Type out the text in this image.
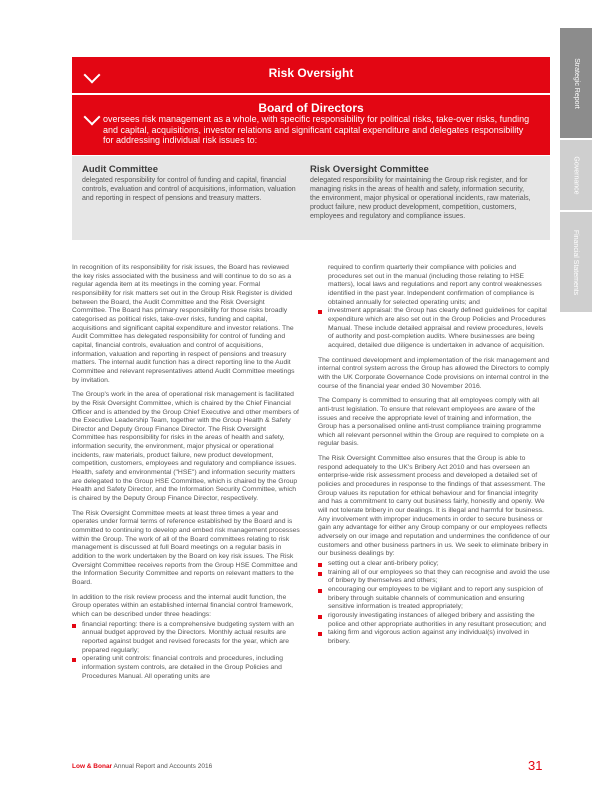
Strategic Report
Governance
Financial Statements
Risk Oversight
Board of Directors
oversees risk management as a whole, with specific responsibility for political risks, take-over risks, funding and capital, acquisitions, investor relations and significant capital expenditure and delegates responsibility for addressing individual risk issues to:
Audit Committee

delegated responsibility for control of funding and capital, financial controls, evaluation and control of acquisitions, information, valuation and reporting in respect of pensions and treasury matters.

Risk Oversight Committee

delegated responsibility for maintaining the Group risk register, and for managing risks in the areas of health and safety, information security, the environment, major physical or operational incidents, raw materials, product failure, new product development, competition, customers, employees and regulatory and compliance issues.

In recognition of its responsibility for risk issues, the Board has reviewed the key risks associated with the business and will continue to do so as a regular agenda item at its meetings in the coming year. Formal responsibility for risk matters set out in the Group Risk Register is divided between the Board, the Audit Committee and the Risk Oversight Committee. The Board has primary responsibility for those risks broadly categorised as political risks, take-over risks, funding and capital, acquisitions and significant capital expenditure and investor relations. The Audit Committee has delegated responsibility for control of funding and capital, financial controls, evaluation and control of acquisitions, information, valuation and reporting in respect of pensions and treasury matters. The internal audit function has a direct reporting line to the Audit Committee and relevant representatives attend Audit Committee meetings by invitation.

The Group's work in the area of operational risk management is facilitated by the Risk Oversight Committee, which is chaired by the Chief Financial Officer and is attended by the Group Chief Executive and other members of the Executive Leadership Team, together with the Group Health & Safety Director and Deputy Group Finance Director. The Risk Oversight Committee has responsibility for risks in the areas of health and safety, information security, the environment, major physical or operational incidents, raw materials, product failure, new product development, competition, customers, employees and regulatory and compliance issues. Health, safety and environmental ("HSE") and information security matters are delegated to the Group HSE Committee, which is chaired by the Group Health and Safety Director, and the Information Security Committee, which is chaired by the Deputy Group Finance Director, respectively.

The Risk Oversight Committee meets at least three times a year and operates under formal terms of reference established by the Board and is committed to continuing to develop and embed risk management processes within the Group. The work of all of the Board committees relating to risk management is discussed at full Board meetings on a regular basis in addition to the work undertaken by the Board on key risk issues. The Risk Oversight Committee receives reports from the Group HSE Committee and the Information Security Committee and reports on relevant matters to the Board.

In addition to the risk review process and the internal audit function, the Group operates within an established internal financial control framework, which can be described under three headings:

financial reporting: there is a comprehensive budgeting system with an annual budget approved by the Directors. Monthly actual results are reported against budget and revised forecasts for the year, which are prepared regularly;
operating unit controls: financial controls and procedures, including information system controls, are detailed in the Group Policies and Procedures Manual. All operating units are

required to confirm quarterly their compliance with policies and procedures set out in the manual (including those relating to HSE matters), local laws and regulations and report any control weaknesses identified in the past year. Independent confirmation of compliance is obtained annually for selected operating units; and

investment appraisal: the Group has clearly defined guidelines for capital expenditure which are also set out in the Group Policies and Procedures Manual. These include detailed appraisal and review procedures, levels of authority and post-completion audits. Where businesses are being acquired, detailed due diligence is undertaken in advance of acquisition.

The continued development and implementation of the risk management and internal control system across the Group has allowed the Directors to comply with the UK Corporate Governance Code provisions on internal control in the course of the financial year ended 30 November 2016.

The Company is committed to ensuring that all employees comply with all anti-trust legislation. To ensure that relevant employees are aware of the issues and receive the appropriate level of training and information, the Group has a personalised online anti-trust compliance training programme which all relevant personnel within the Group are required to complete on a regular basis.

The Risk Oversight Committee also ensures that the Group is able to respond adequately to the UK's Bribery Act 2010 and has overseen an enterprise-wide risk assessment process and developed a detailed set of policies and procedures in response to the findings of that assessment. The Group values its reputation for ethical behaviour and for financial integrity and has a commitment to carry out business fairly, honestly and openly. We will not tolerate bribery in our dealings. It is illegal and harmful for business. Any involvement with improper inducements in order to secure business or gain any advantage for either any Group company or our employees reflects adversely on our image and reputation and undermines the confidence of our customers and other business partners in us. We seek to eliminate bribery in our business dealings by:

setting out a clear anti-bribery policy;
training all of our employees so that they can recognise and avoid the use of bribery by themselves and others;
encouraging our employees to be vigilant and to report any suspicion of bribery through suitable channels of communication and ensuring sensitive information is treated appropriately;
rigorously investigating instances of alleged bribery and assisting the police and other appropriate authorities in any resultant prosecution; and
taking firm and vigorous action against any individual(s) involved in bribery.
Low & Bonar Annual Report and Accounts 2016	31
